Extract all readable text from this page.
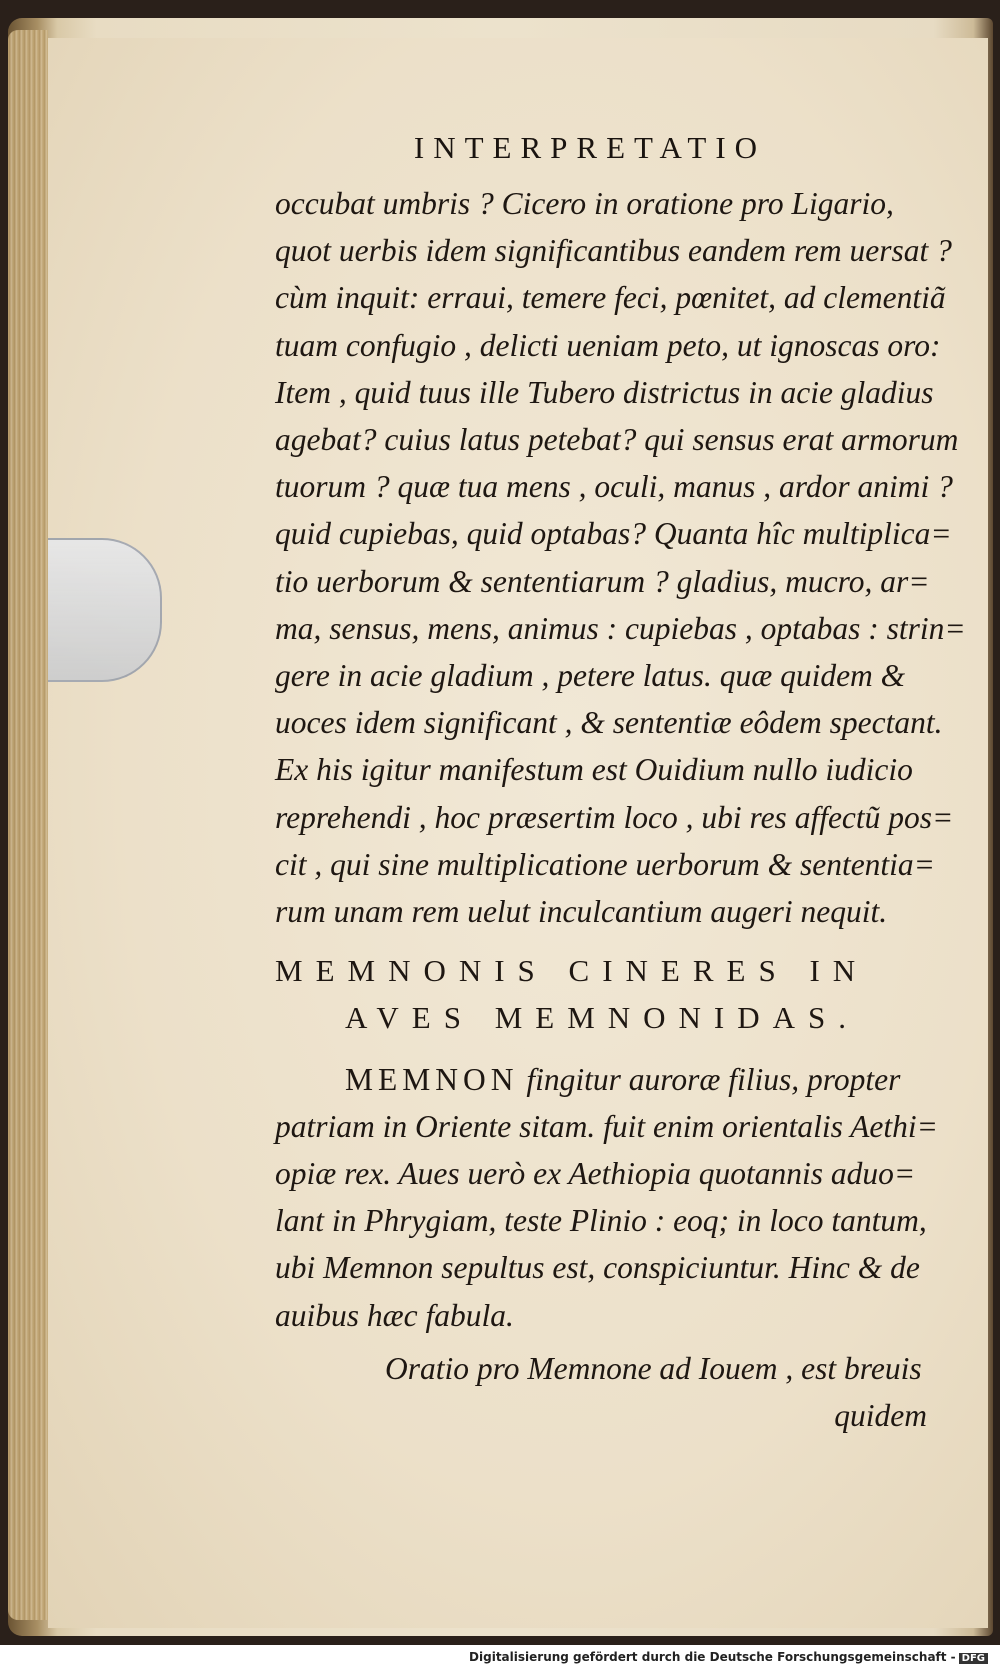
INTERPRETATIO
occubat umbris ? Cicero in oratione pro Ligario,
quot uerbis idem significantibus eandem rem uersat ?
cùm inquit: erraui, temere feci, pœnitet, ad clementiã
tuam confugio , delicti ueniam peto, ut ignoscas oro:
Item , quid tuus ille Tubero districtus in acie gladius
agebat? cuius latus petebat? qui sensus erat armorum
tuorum ? quæ tua mens , oculi, manus , ardor animi ?
quid cupiebas, quid optabas? Quanta hîc multiplica=
tio uerborum & sententiarum ? gladius, mucro, ar=
ma, sensus, mens, animus : cupiebas , optabas : strin=
gere in acie gladium , petere latus. quæ quidem &
uoces idem significant , & sententiæ eôdem spectant.
Ex his igitur manifestum est Ouidium nullo iudicio
reprehendi , hoc præsertim loco , ubi res affectũ pos=
cit , qui sine multiplicatione uerborum & sententia=
rum unam rem uelut inculcantium augeri nequit.
MEMNONIS CINERES IN
AVES MEMNONIDAS.
MEMNON fingitur auroræ filius, propter
patriam in Oriente sitam. fuit enim orientalis Aethi=
opiæ rex. Aues uerò ex Aethiopia quotannis aduo=
lant in Phrygiam, teste Plinio : eoq; in loco tantum,
ubi Memnon sepultus est, conspiciuntur. Hinc & de
auibus hæc fabula.
Oratio pro Memnone ad Iouem , est breuis
quidem
Digitalisierung gefördert durch die Deutsche Forschungsgemeinschaft - DFG
